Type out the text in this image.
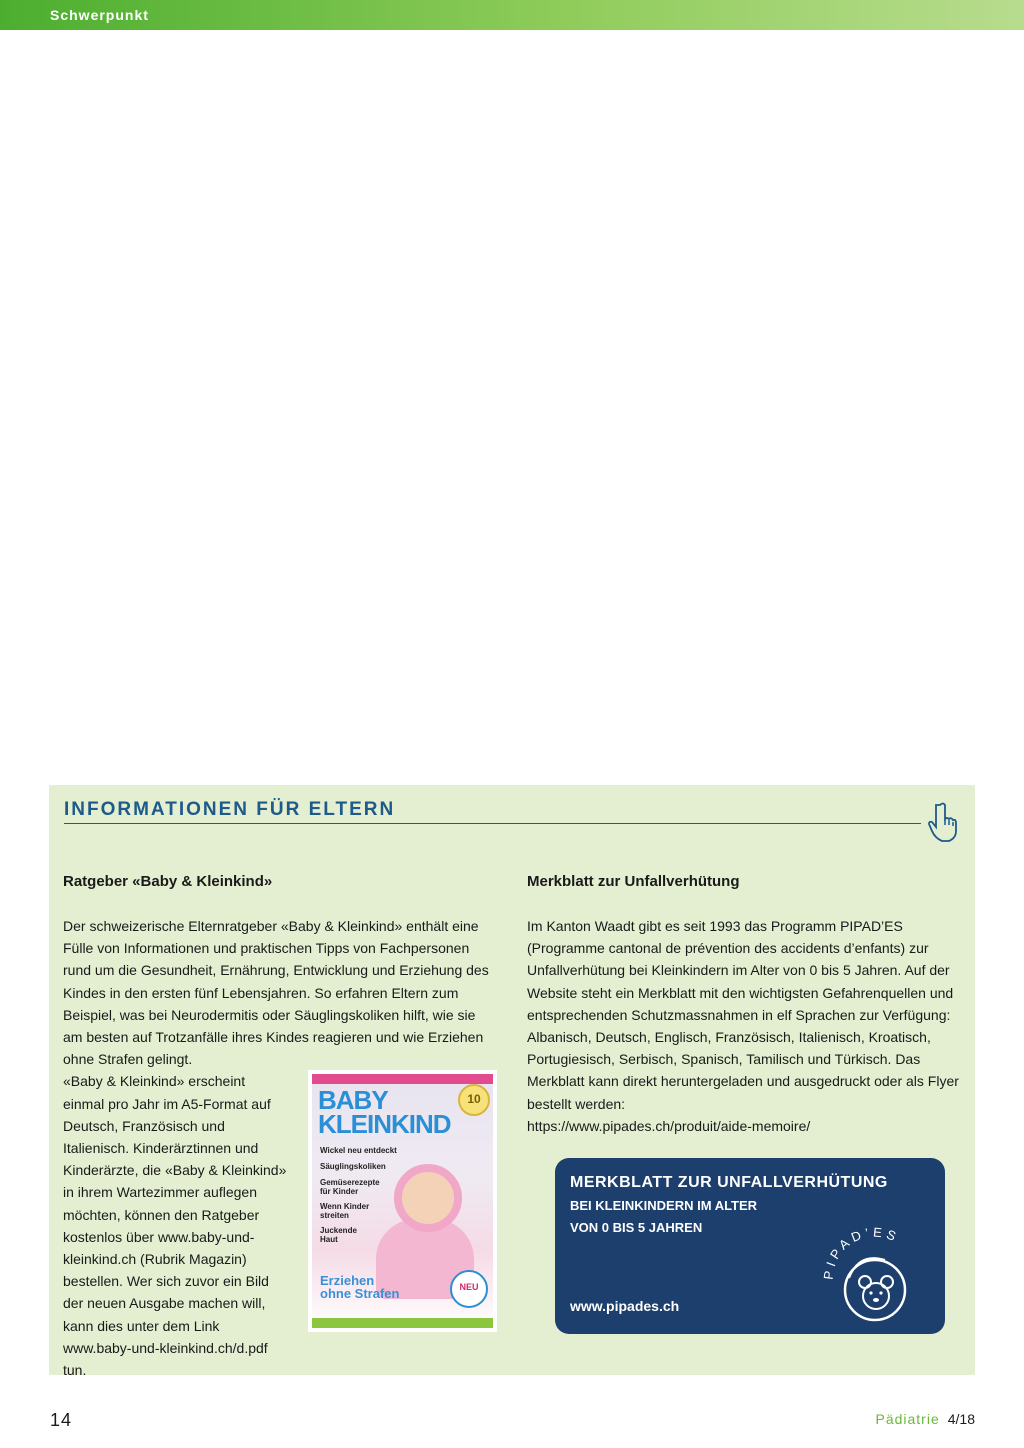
Schwerpunkt
INFORMATIONEN FÜR ELTERN
Ratgeber «Baby & Kleinkind»

Der schweizerische Elternratgeber «Baby & Kleinkind» enthält eine Fülle von Informationen und praktischen Tipps von Fachpersonen rund um die Gesundheit, Ernährung, Entwicklung und Erziehung des Kindes in den ersten fünf Lebensjahren. So erfahren Eltern zum Beispiel, was bei Neurodermitis oder Säuglingskoliken hilft, wie sie am besten auf Trotzanfälle ihres Kindes reagieren und wie Erziehen ohne Strafen gelingt.

«Baby & Kleinkind» erscheint einmal pro Jahr im A5-Format auf Deutsch, Französisch und Italienisch. Kinderärztinnen und Kinderärzte, die «Baby & Kleinkind» in ihrem Wartezimmer auflegen möchten, können den Ratgeber kostenlos über www.baby-und-kleinkind.ch (Rubrik Magazin) bestellen. Wer sich zuvor ein Bild der neuen Ausgabe machen will, kann dies unter dem Link www.baby-und-kleinkind.ch/d.pdf tun.

BABY
KLEINKIND
10
Wickel neu entdeckt
Säuglingskoliken
Gemüserezepte für Kinder
Wenn Kinder streiten
Juckende Haut
Erziehen
ohne Strafen	NEU
Merkblatt zur Unfallverhütung

Im Kanton Waadt gibt es seit 1993 das Programm PIPAD’ES (Programme cantonal de prévention des accidents d’enfants) zur Unfallverhütung bei Kleinkindern im Alter von 0 bis 5 Jahren. Auf der Website steht ein Merkblatt mit den wichtigsten Gefahrenquellen und entsprechenden Schutzmassnahmen in elf Sprachen zur Verfügung: Albanisch, Deutsch, Englisch, Französisch, Italienisch, Kroatisch, Portugiesisch, Serbisch, Spanisch, Tamilisch und Türkisch. Das Merkblatt kann direkt heruntergeladen und ausgedruckt oder als Flyer bestellt werden:

https://www.pipades.ch/produit/aide-memoire/

MERKBLATT ZUR UNFALLVERHÜTUNG
BEI KLEINKINDERN IM ALTER
VON 0 BIS 5 JAHREN
www.pipades.ch
PIPAD’ES
14	Pädiatrie 4/18
